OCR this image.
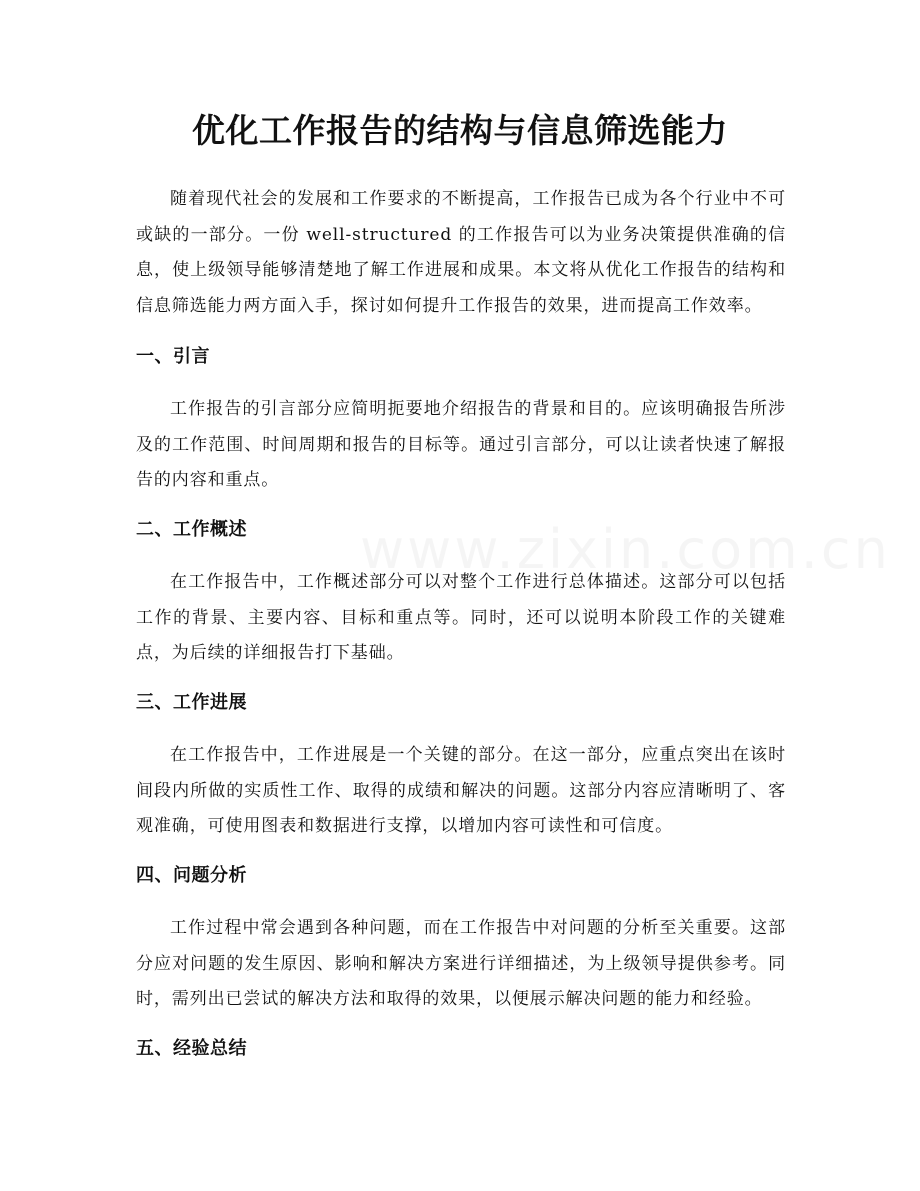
优化工作报告的结构与信息筛选能力

随着现代社会的发展和工作要求的不断提高，工作报告已成为各个行业中不可或缺的一部分。一份 well-structured 的工作报告可以为业务决策提供准确的信息，使上级领导能够清楚地了解工作进展和成果。本文将从优化工作报告的结构和信息筛选能力两方面入手，探讨如何提升工作报告的效果，进而提高工作效率。

一、引言

工作报告的引言部分应简明扼要地介绍报告的背景和目的。应该明确报告所涉及的工作范围、时间周期和报告的目标等。通过引言部分，可以让读者快速了解报告的内容和重点。

二、工作概述

在工作报告中，工作概述部分可以对整个工作进行总体描述。这部分可以包括工作的背景、主要内容、目标和重点等。同时，还可以说明本阶段工作的关键难点，为后续的详细报告打下基础。

三、工作进展

在工作报告中，工作进展是一个关键的部分。在这一部分，应重点突出在该时间段内所做的实质性工作、取得的成绩和解决的问题。这部分内容应清晰明了、客观准确，可使用图表和数据进行支撑，以增加内容可读性和可信度。

四、问题分析

工作过程中常会遇到各种问题，而在工作报告中对问题的分析至关重要。这部分应对问题的发生原因、影响和解决方案进行详细描述，为上级领导提供参考。同时，需列出已尝试的解决方法和取得的效果，以便展示解决问题的能力和经验。

五、经验总结
